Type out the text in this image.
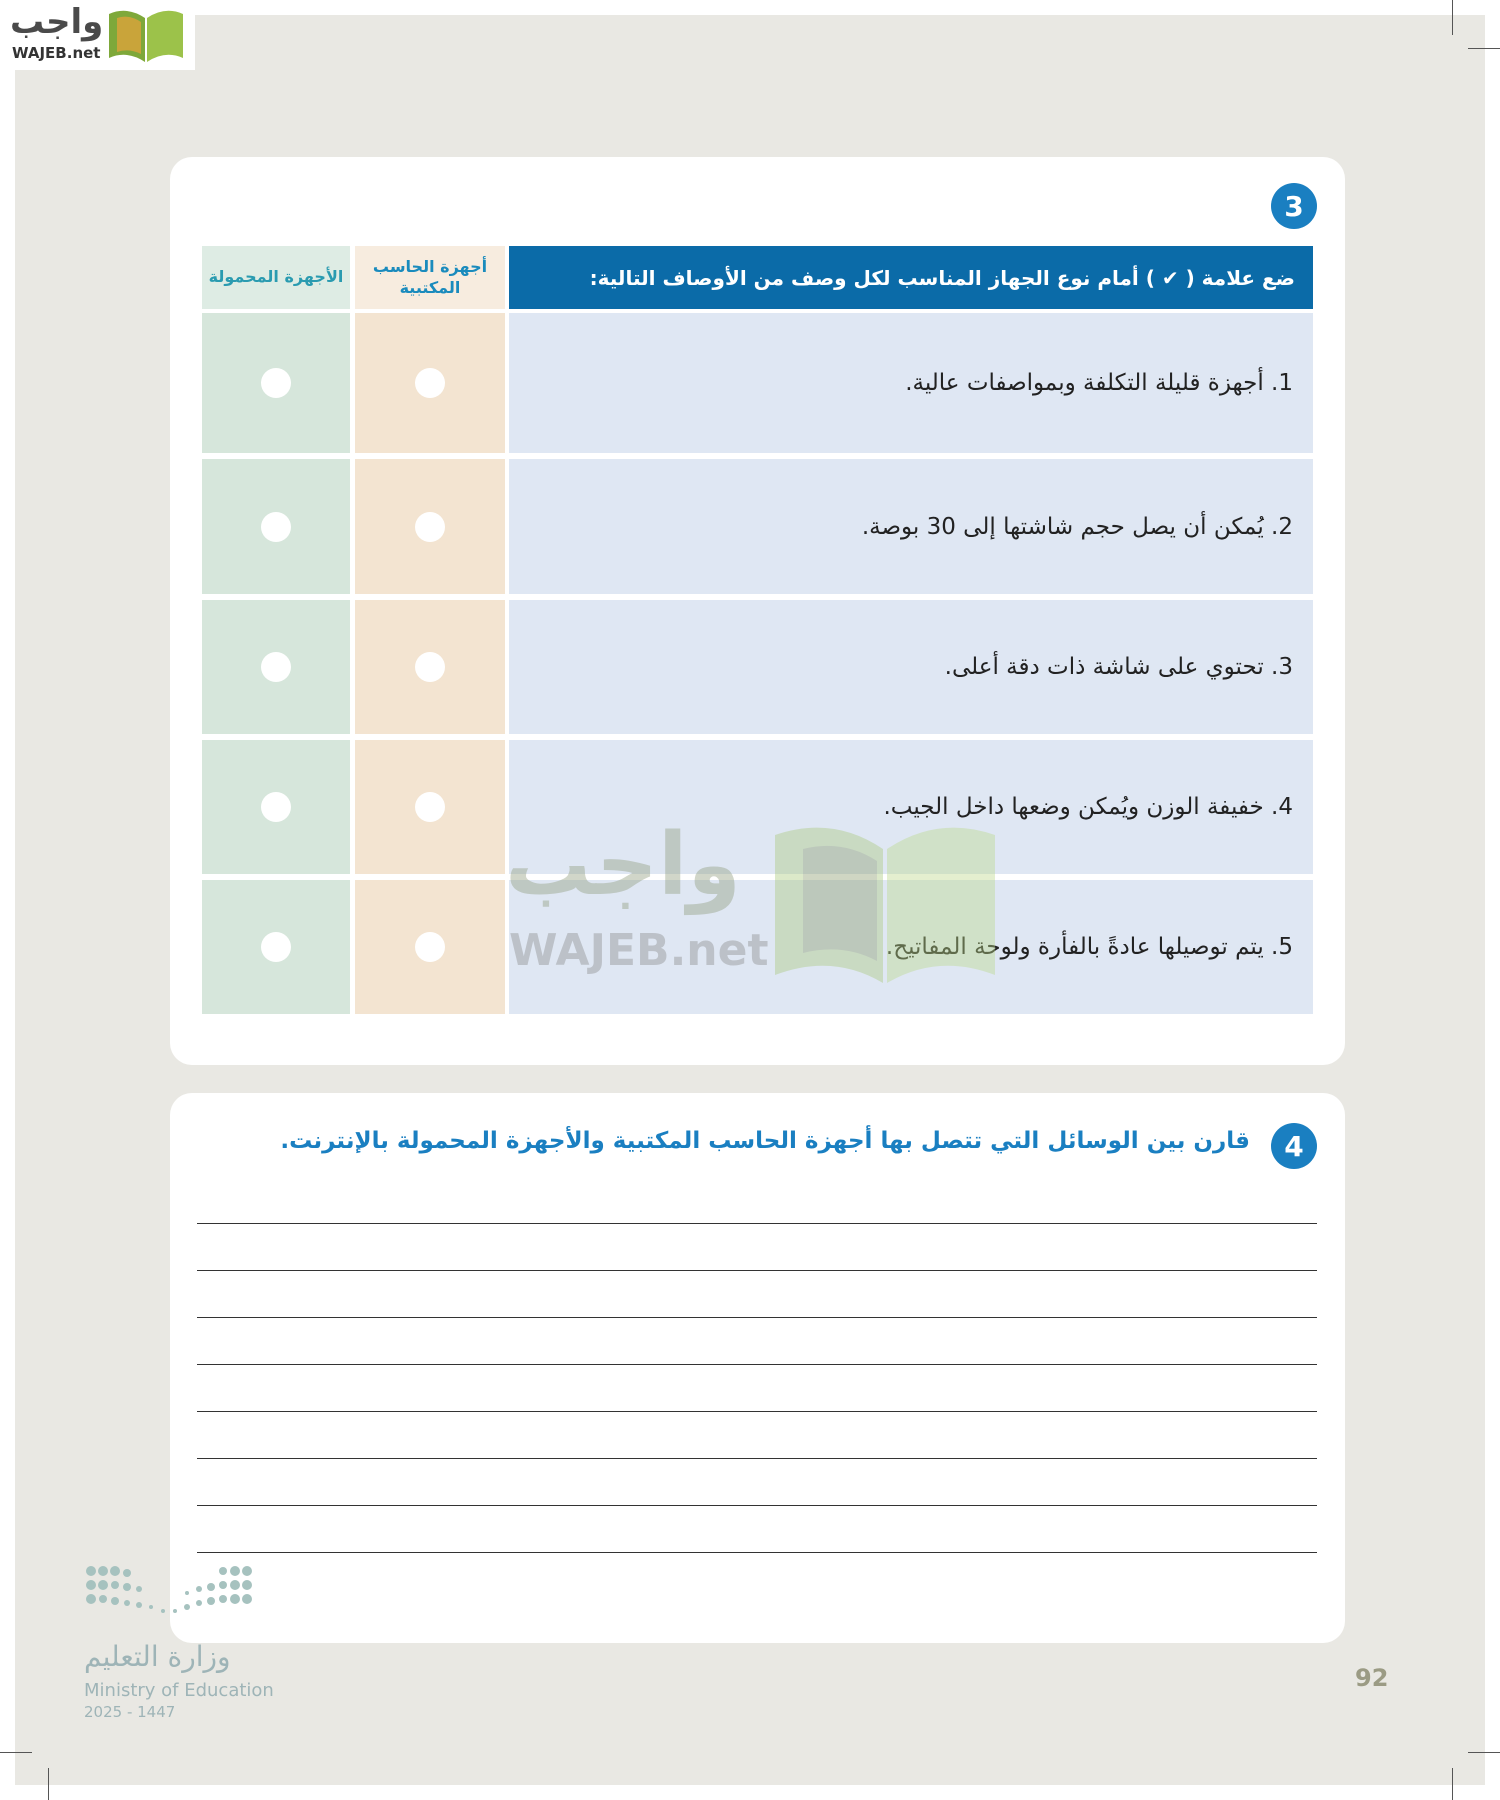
واجب
WAJEB.net
3
ضع علامة ( ✔ ) أمام نوع الجهاز المناسب لكل وصف من الأوصاف التالية:
أجهزة الحاسب المكتبية
الأجهزة المحمولة
1. أجهزة قليلة التكلفة وبمواصفات عالية.
2. يُمكن أن يصل حجم شاشتها إلى 30 بوصة.
3. تحتوي على شاشة ذات دقة أعلى.
4. خفيفة الوزن ويُمكن وضعها داخل الجيب.
5. يتم توصيلها عادةً بالفأرة ولوحة المفاتيح.
واجب
WAJEB.net
4
قارن بين الوسائل التي تتصل بها أجهزة الحاسب المكتبية والأجهزة المحمولة بالإنترنت.
وزارة التعليم
Ministry of Education
2025 - 1447
92
